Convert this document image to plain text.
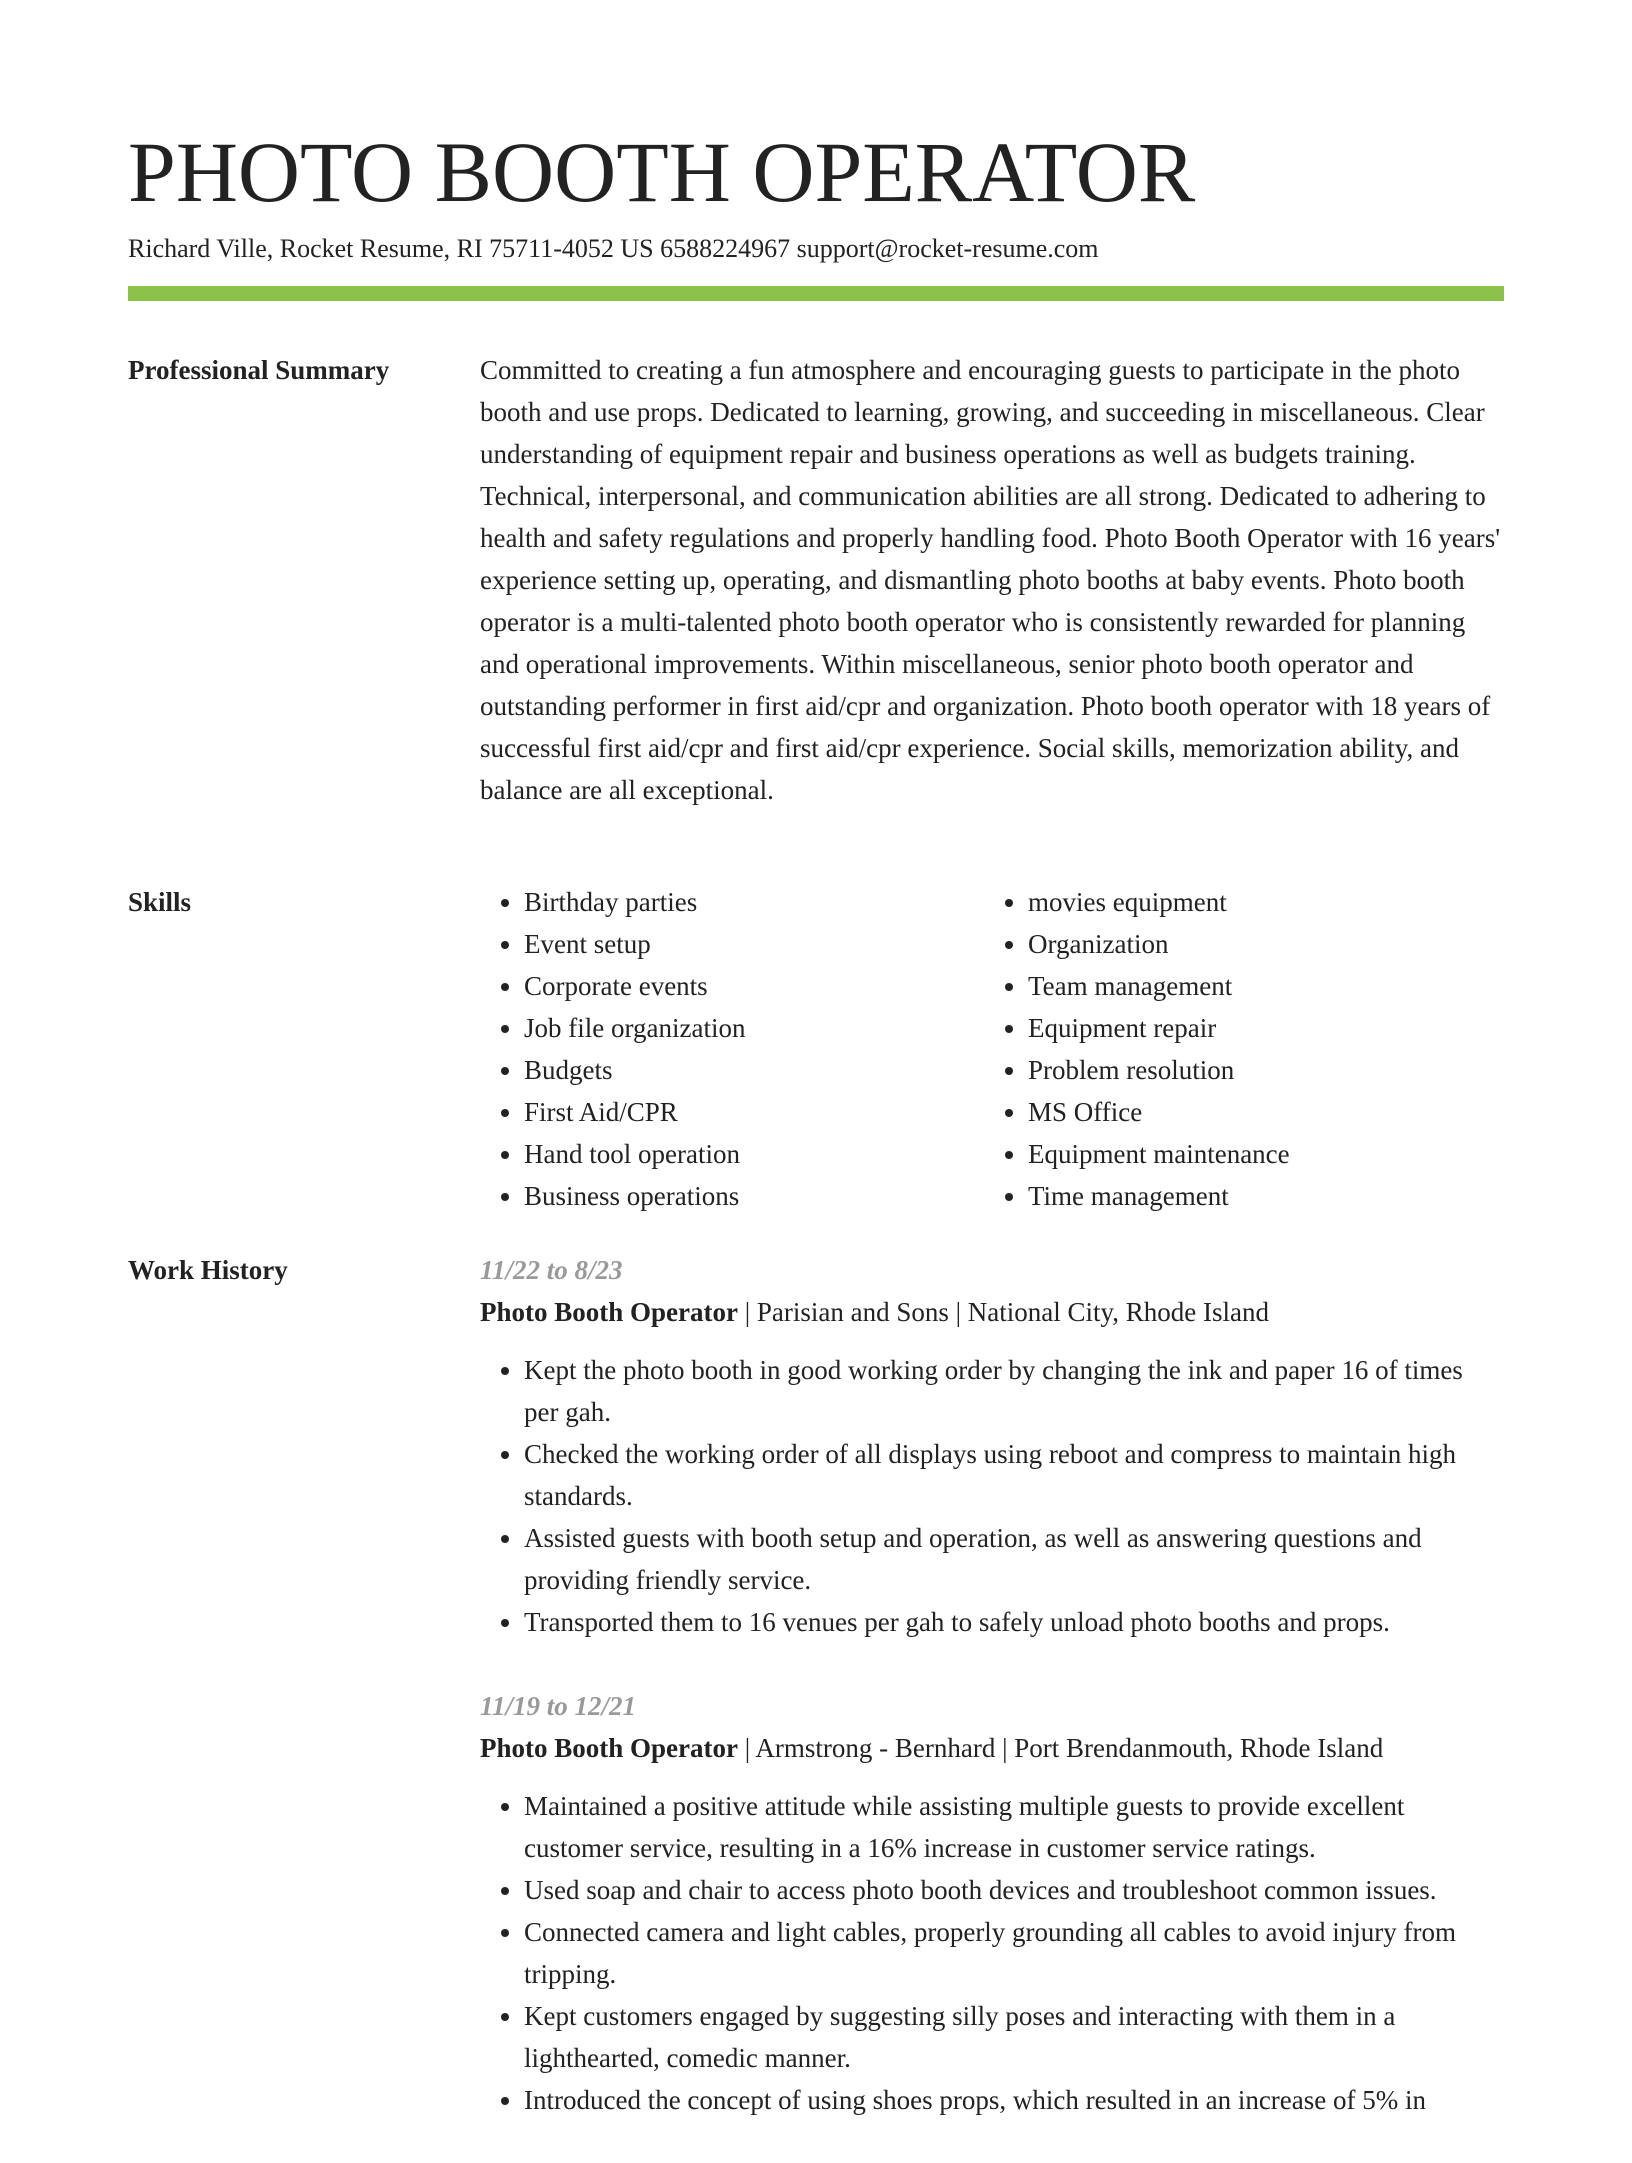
PHOTO BOOTH OPERATOR
Richard Ville, Rocket Resume, RI 75711-4052 US 6588224967 support@rocket-resume.com
Professional Summary	Committed to creating a fun atmosphere and encouraging guests to participate in the photo booth and use props. Dedicated to learning, growing, and succeeding in miscellaneous. Clear understanding of equipment repair and business operations as well as budgets training. Technical, interpersonal, and communication abilities are all strong. Dedicated to adhering to health and safety regulations and properly handling food. Photo Booth Operator with 16 years' experience setting up, operating, and dismantling photo booths at baby events. Photo booth operator is a multi-talented photo booth operator who is consistently rewarded for planning and operational improvements. Within miscellaneous, senior photo booth operator and outstanding performer in first aid/cpr and organization. Photo booth operator with 18 years of successful first aid/cpr and first aid/cpr experience. Social skills, memorization ability, and balance are all exceptional.

Skills
•	Birthday parties
• Event setup
• Corporate events
• Job file organization
• Budgets
• First Aid/CPR
• Hand tool operation
• Business operations
• movies equipment
• Organization
• Team management
• Equipment repair
• Problem resolution
• MS Office
• Equipment maintenance
• Time management
Work History	11/22 to 8/23
Photo Booth Operator | Parisian and Sons | National City, Rhode Island
• Kept the photo booth in good working order by changing the ink and paper 16 of times per gah.
• Checked the working order of all displays using reboot and compress to maintain high standards.
• Assisted guests with booth setup and operation, as well as answering questions and providing friendly service.
• Transported them to 16 venues per gah to safely unload photo booths and props.
11/19 to 12/21
Photo Booth Operator | Armstrong - Bernhard | Port Brendanmouth, Rhode Island
• Maintained a positive attitude while assisting multiple guests to provide excellent customer service, resulting in a 16% increase in customer service ratings.
• Used soap and chair to access photo booth devices and troubleshoot common issues.
• Connected camera and light cables, properly grounding all cables to avoid injury from tripping.
• Kept customers engaged by suggesting silly poses and interacting with them in a lighthearted, comedic manner.
• Introduced the concept of using shoes props, which resulted in an increase of 5% in
